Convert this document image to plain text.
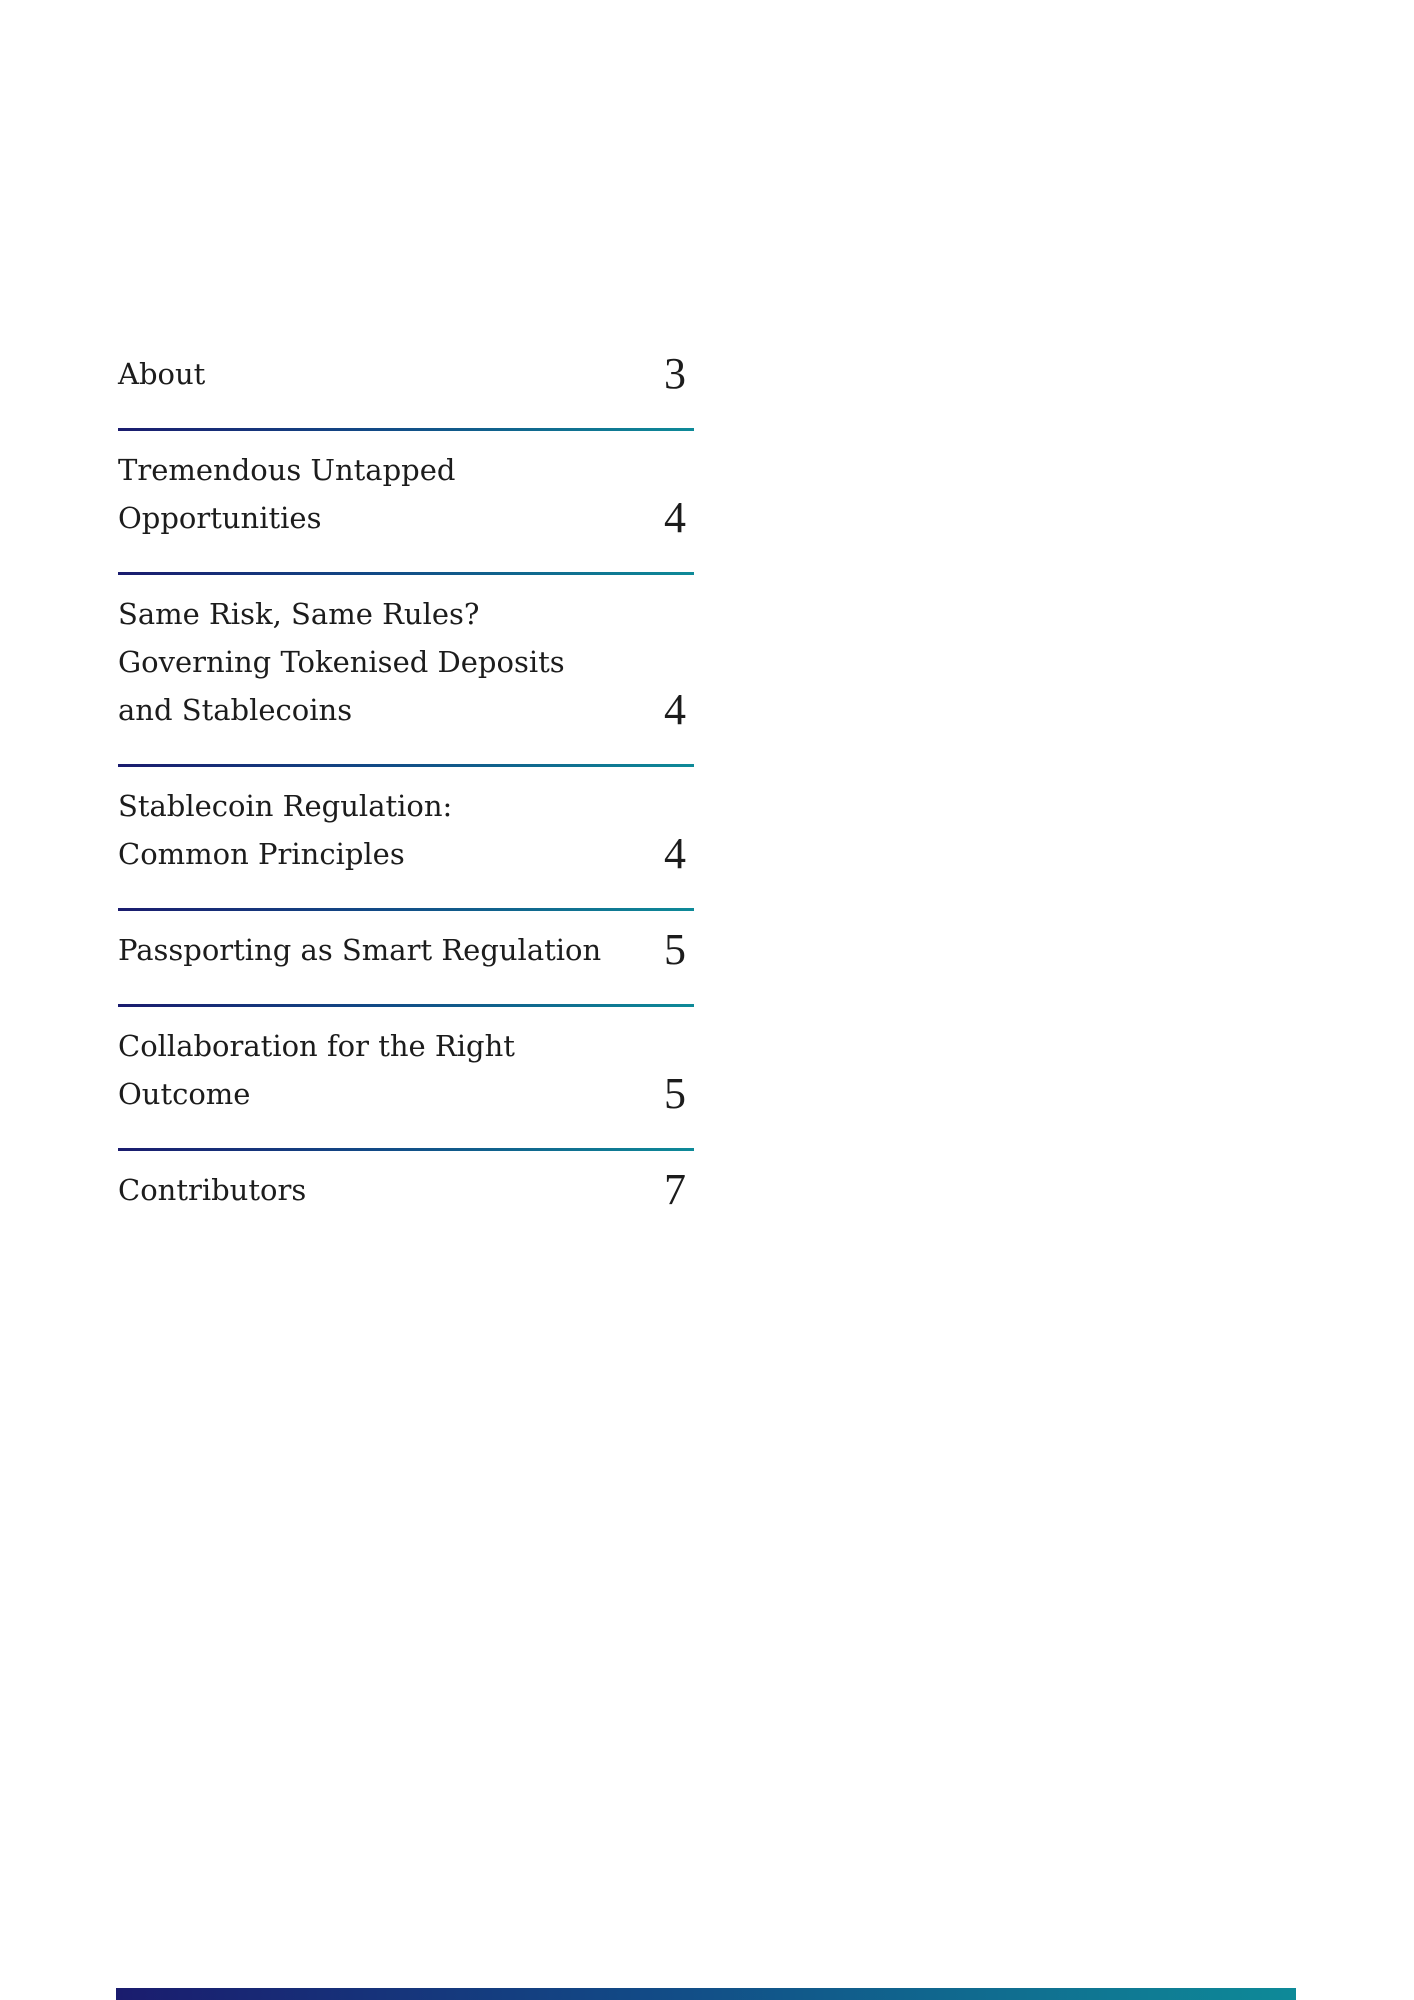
About	3
Tremendous Untapped Opportunities	4
Same Risk, Same Rules? Governing Tokenised Deposits and Stablecoins	4
Stablecoin Regulation: Common Principles	4
Passporting as Smart Regulation	5
Collaboration for the Right Outcome	5
Contributors	7
